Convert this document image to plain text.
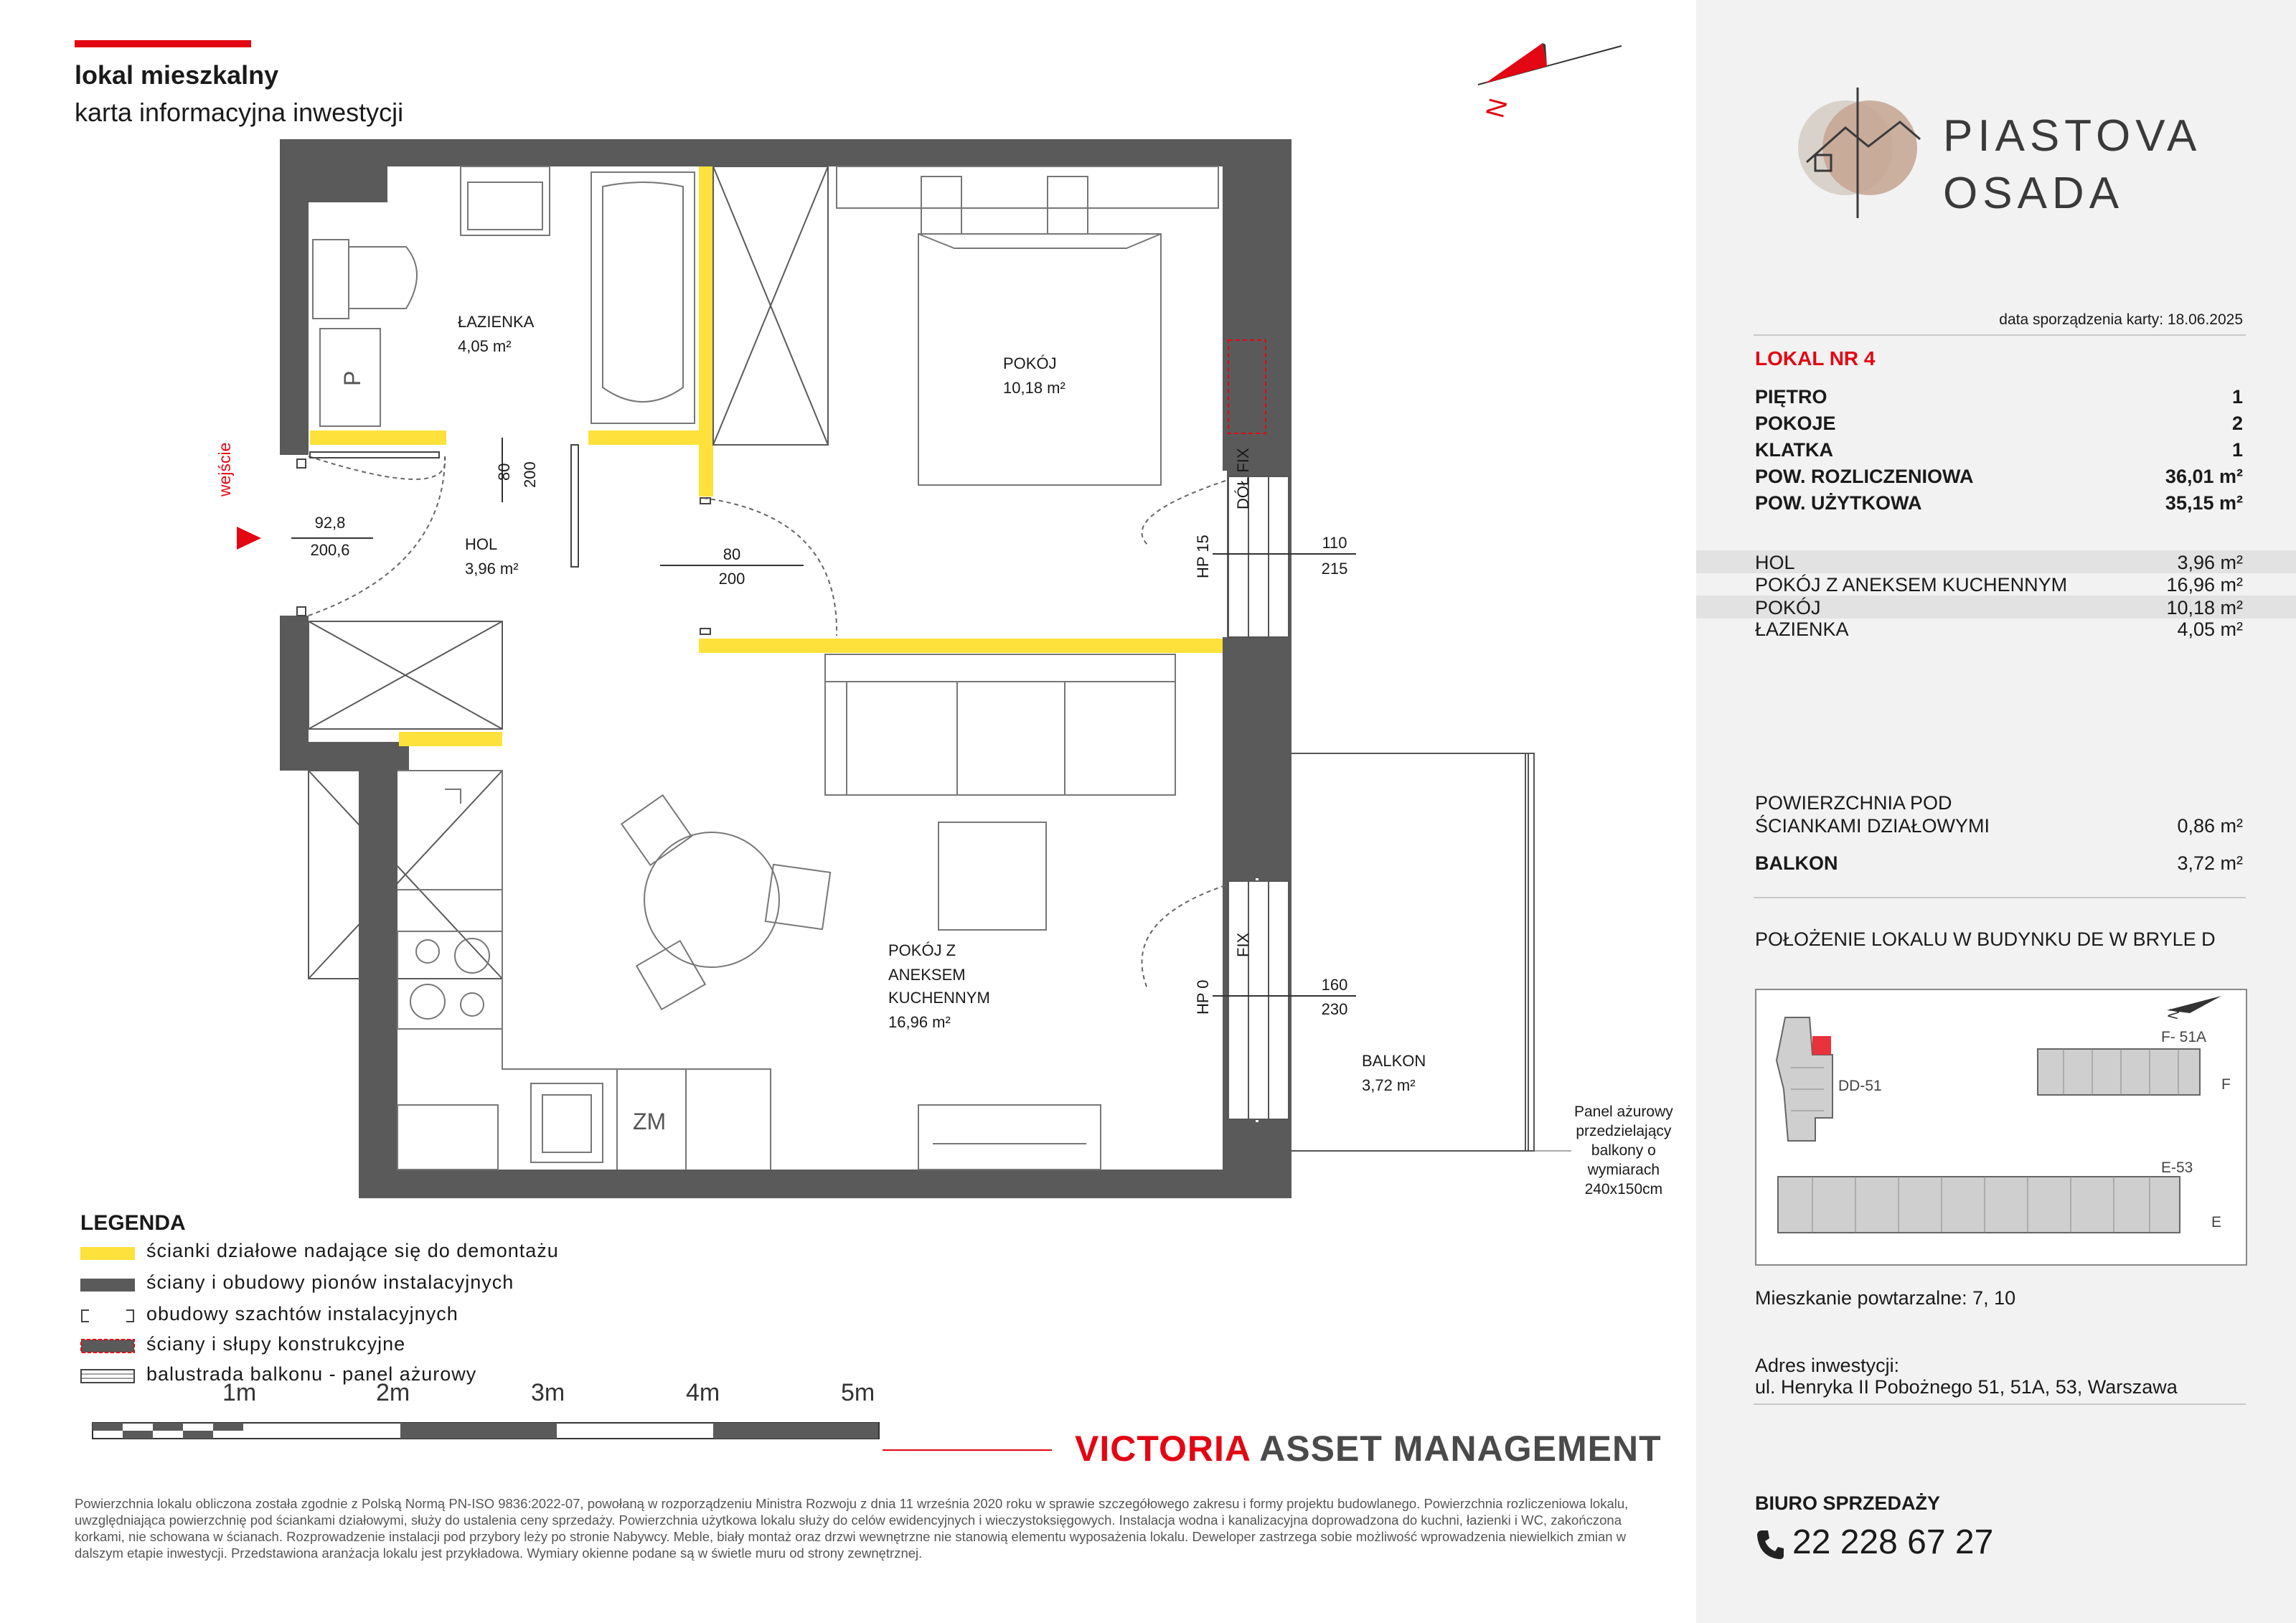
lokal mieszkalny
karta informacyjna inwestycji	PIASTOVA
OSADA
data sporządzenia karty: 18.06.2025
LOKAL NR 4
PIĘTRO	1
POKOJE	2
KLATKA	1
POW. ROZLICZENIOWA	36,01 m²
POW. UŻYTKOWA	35,15 m²
HOL	3,96 m²
POKÓJ Z ANEKSEM KUCHENNYM	16,96 m²
POKÓJ	10,18 m²
ŁAZIENKA	4,05 m²
POWIERZCHNIA POD
ŚCIANKAMI DZIAŁOWYMI	0,86 m²
BALKON	3,72 m²
POŁOŻENIE LOKALU W BUDYNKU DE W BRYLE D
DD-51
F- 51A
F
E-53
E
N
Mieszkanie powtarzalne: 7, 10
Adres inwestycji:
ul. Henryka II Pobożnego 51, 51A, 53, Warszawa
BIURO SPRZEDAŻY
22 228 67 27
N
P
ZM
wejście
92,8
200,6
ŁAZIENKA
4,05 m²
HOL
3,96 m²
POKÓJ
10,18 m²
POKÓJ Z
ANEKSEM
KUCHENNYM
16,96 m²
BALKON
3,72 m²
80 200
80
200
110
215
HP 15
DÓŁ FIX
160
230
HP 0
FIX
Panel ażurowy
przedzielający
balkony o
wymiarach
240x150cm
LEGENDA
ścianki działowe nadające się do demontażu
ściany i obudowy pionów instalacyjnych
obudowy szachtów instalacyjnych
ściany i słupy konstrukcyjne
balustrada balkonu - panel ażurowy
1m	2m	3m	4m	5m
VICTORIA ASSET MANAGEMENT
Powierzchnia lokalu obliczona została zgodnie z Polską Normą PN-ISO 9836:2022-07, powołaną w rozporządzeniu Ministra Rozwoju z dnia 11 września 2020 roku w sprawie szczegółowego zakresu i formy projektu budowlanego. Powierzchnia rozliczeniowa lokalu, uwzględniająca powierzchnię pod ściankami działowymi, służy do ustalenia ceny sprzedaży. Powierzchnia użytkowa lokalu służy do celów ewidencyjnych i wieczystoksięgowych. Instalacja wodna i kanalizacyjna doprowadzona do kuchni, łazienki i WC, zakończona korkami, nie schowana w ścianach. Rozprowadzenie instalacji pod przybory leży po stronie Nabywcy. Meble, biały montaż oraz drzwi wewnętrzne nie stanowią elementu wyposażenia lokalu. Deweloper zastrzega sobie możliwość wprowadzenia niewielkich zmian w dalszym etapie inwestycji. Przedstawiona aranżacja lokalu jest przykładowa. Wymiary okienne podane są w świetle muru od strony zewnętrznej.
